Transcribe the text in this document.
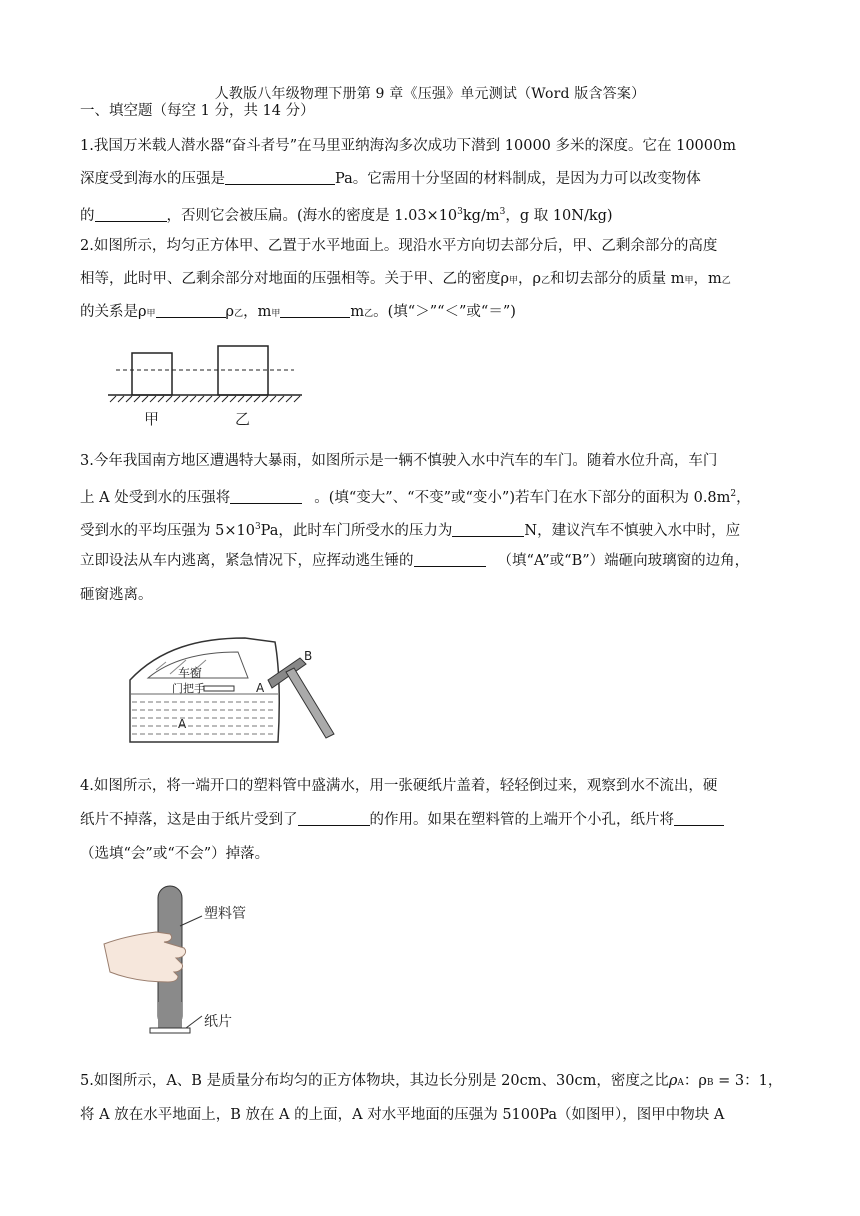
人教版八年级物理下册第 9 章《压强》单元测试（Word 版含答案）
一、填空题（每空 1 分，共 14 分）
1.我国万米载人潜水器“奋斗者号”在马里亚纳海沟多次成功下潜到 10000 多米的深度。它在 10000m
深度受到海水的压强是	Pa。它需用十分坚固的材料制成，是因为力可以改变物体
的	，否则它会被压扁。(海水的密度是 $1.03\times 10^3kg/m^3$，g 取 10N/kg)
2.如图所示，均匀正方体甲、乙置于水平地面上。现沿水平方向切去部分后，甲、乙剩余部分的高度
相等，此时甲、乙剩余部分对地面的压强相等。关于甲、乙的密度ρ甲，ρ乙和切去部分的质量 m甲，m乙
的关系是ρ甲	ρ乙，m甲	m乙。(填“＞”“＜”或“＝”)
甲	乙
3.今年我国南方地区遭遇特大暴雨，如图所示是一辆不慎驶入水中汽车的车门。随着水位升高，车门
上 A 处受到水的压强将	。(填“变大”、“不变”或“变小”)若车门在水下部分的面积为 $0.8m^2$，
受到水的平均压强为 $5\times 10^3Pa$，此时车门所受水的压力为	N，建议汽车不慎驶入水中时，应
立即设法从车内逃离，紧急情况下，应挥动逃生锤的	（填“A”或“B”）端砸向玻璃窗的边角，
砸窗逃离。
车窗
门把手
A
A
B
4.如图所示，将一端开口的塑料管中盛满水，用一张硬纸片盖着，轻轻倒过来，观察到水不流出，硬
纸片不掉落，这是由于纸片受到了	的作用。如果在塑料管的上端开个小孔，纸片将
（选填“会”或“不会”）掉落。
塑料管
纸片
5.如图所示，A、B 是质量分布均匀的正方体物块，其边长分别是 20cm、30cm，密度之比ρA：ρB = 3：1，
将 A 放在水平地面上，B 放在 A 的上面，A 对水平地面的压强为 5100Pa（如图甲），图甲中物块 A
